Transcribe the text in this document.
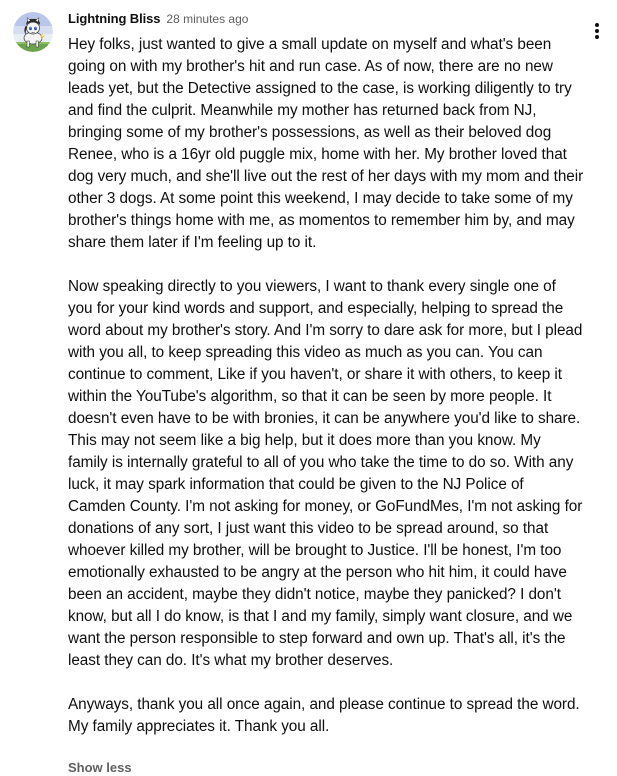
Lightning Bliss 28 minutes ago
Hey folks, just wanted to give a small update on myself and what's been going on with my brother's hit and run case. As of now, there are no new leads yet, but the Detective assigned to the case, is working diligently to try and find the culprit. Meanwhile my mother has returned back from NJ, bringing some of my brother's possessions, as well as their beloved dog Renee, who is a 16yr old puggle mix, home with her. My brother loved that dog very much, and she'll live out the rest of her days with my mom and their other 3 dogs. At some point this weekend, I may decide to take some of my brother's things home with me, as momentos to remember him by, and may share them later if I'm feeling up to it.

Now speaking directly to you viewers, I want to thank every single one of you for your kind words and support, and especially, helping to spread the word about my brother's story. And I'm sorry to dare ask for more, but I plead with you all, to keep spreading this video as much as you can. You can continue to comment, Like if you haven't, or share it with others, to keep it within the YouTube's algorithm, so that it can be seen by more people. It doesn't even have to be with bronies, it can be anywhere you'd like to share. This may not seem like a big help, but it does more than you know. My family is internally grateful to all of you who take the time to do so. With any luck, it may spark information that could be given to the NJ Police of Camden County. I'm not asking for money, or GoFundMes, I'm not asking for donations of any sort, I just want this video to be spread around, so that whoever killed my brother, will be brought to Justice. I'll be honest, I'm too emotionally exhausted to be angry at the person who hit him, it could have been an accident, maybe they didn't notice, maybe they panicked? I don't know, but all I do know, is that I and my family, simply want closure, and we want the person responsible to step forward and own up. That's all, it's the least they can do. It's what my brother deserves.

Anyways, thank you all once again, and please continue to spread the word. My family appreciates it. Thank you all.
Show less
